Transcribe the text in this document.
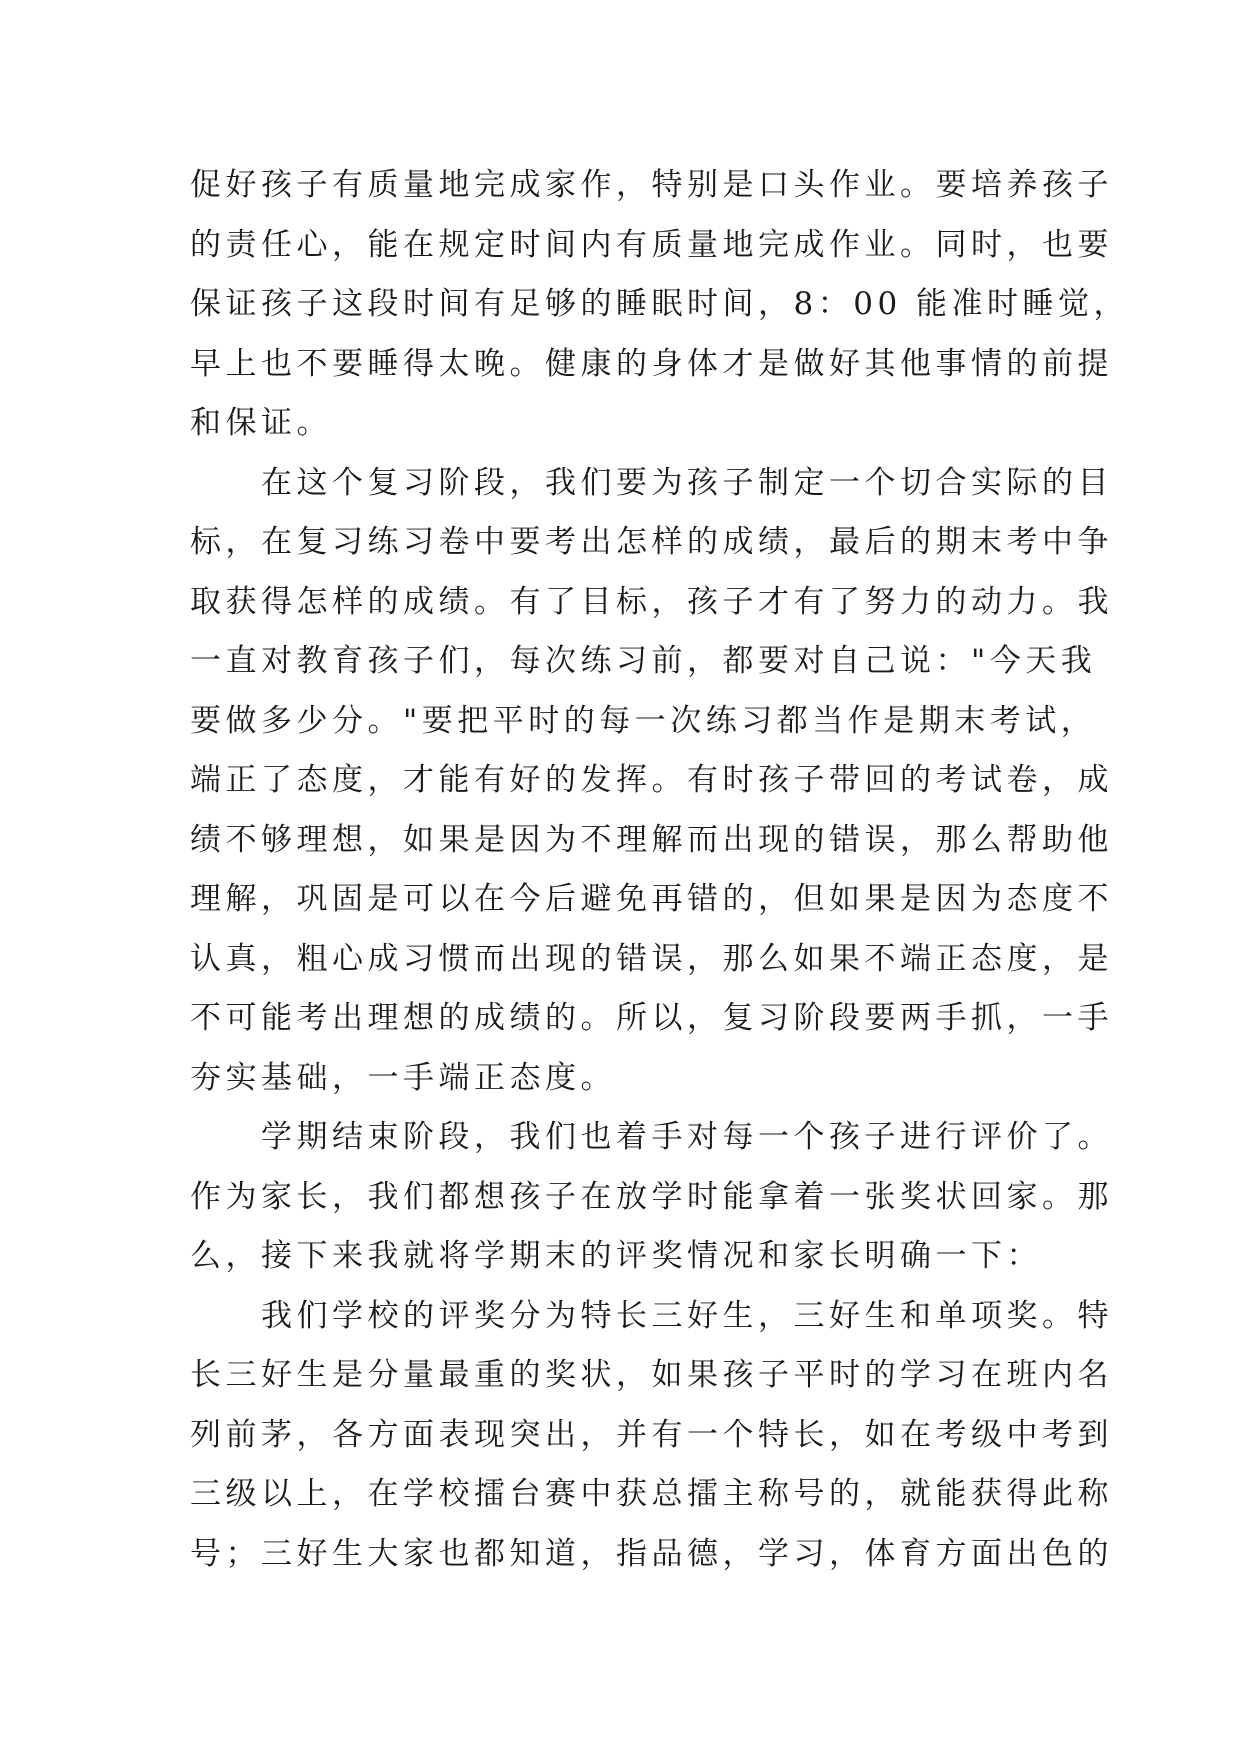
促好孩子有质量地完成家作，特别是口头作业。要培养孩子
的责任心，能在规定时间内有质量地完成作业。同时，也要
保证孩子这段时间有足够的睡眠时间，8：00 能准时睡觉，
早上也不要睡得太晚。健康的身体才是做好其他事情的前提
和保证。
　　在这个复习阶段，我们要为孩子制定一个切合实际的目
标，在复习练习卷中要考出怎样的成绩，最后的期末考中争
取获得怎样的成绩。有了目标，孩子才有了努力的动力。我
一直对教育孩子们，每次练习前，都要对自己说："今天我
要做多少分。"要把平时的每一次练习都当作是期末考试，
端正了态度，才能有好的发挥。有时孩子带回的考试卷，成
绩不够理想，如果是因为不理解而出现的错误，那么帮助他
理解，巩固是可以在今后避免再错的，但如果是因为态度不
认真，粗心成习惯而出现的错误，那么如果不端正态度，是
不可能考出理想的成绩的。所以，复习阶段要两手抓，一手
夯实基础，一手端正态度。
　　学期结束阶段，我们也着手对每一个孩子进行评价了。
作为家长，我们都想孩子在放学时能拿着一张奖状回家。那
么，接下来我就将学期末的评奖情况和家长明确一下：
　　我们学校的评奖分为特长三好生，三好生和单项奖。特
长三好生是分量最重的奖状，如果孩子平时的学习在班内名
列前茅，各方面表现突出，并有一个特长，如在考级中考到
三级以上，在学校擂台赛中获总擂主称号的，就能获得此称
号；三好生大家也都知道，指品德，学习，体育方面出色的
